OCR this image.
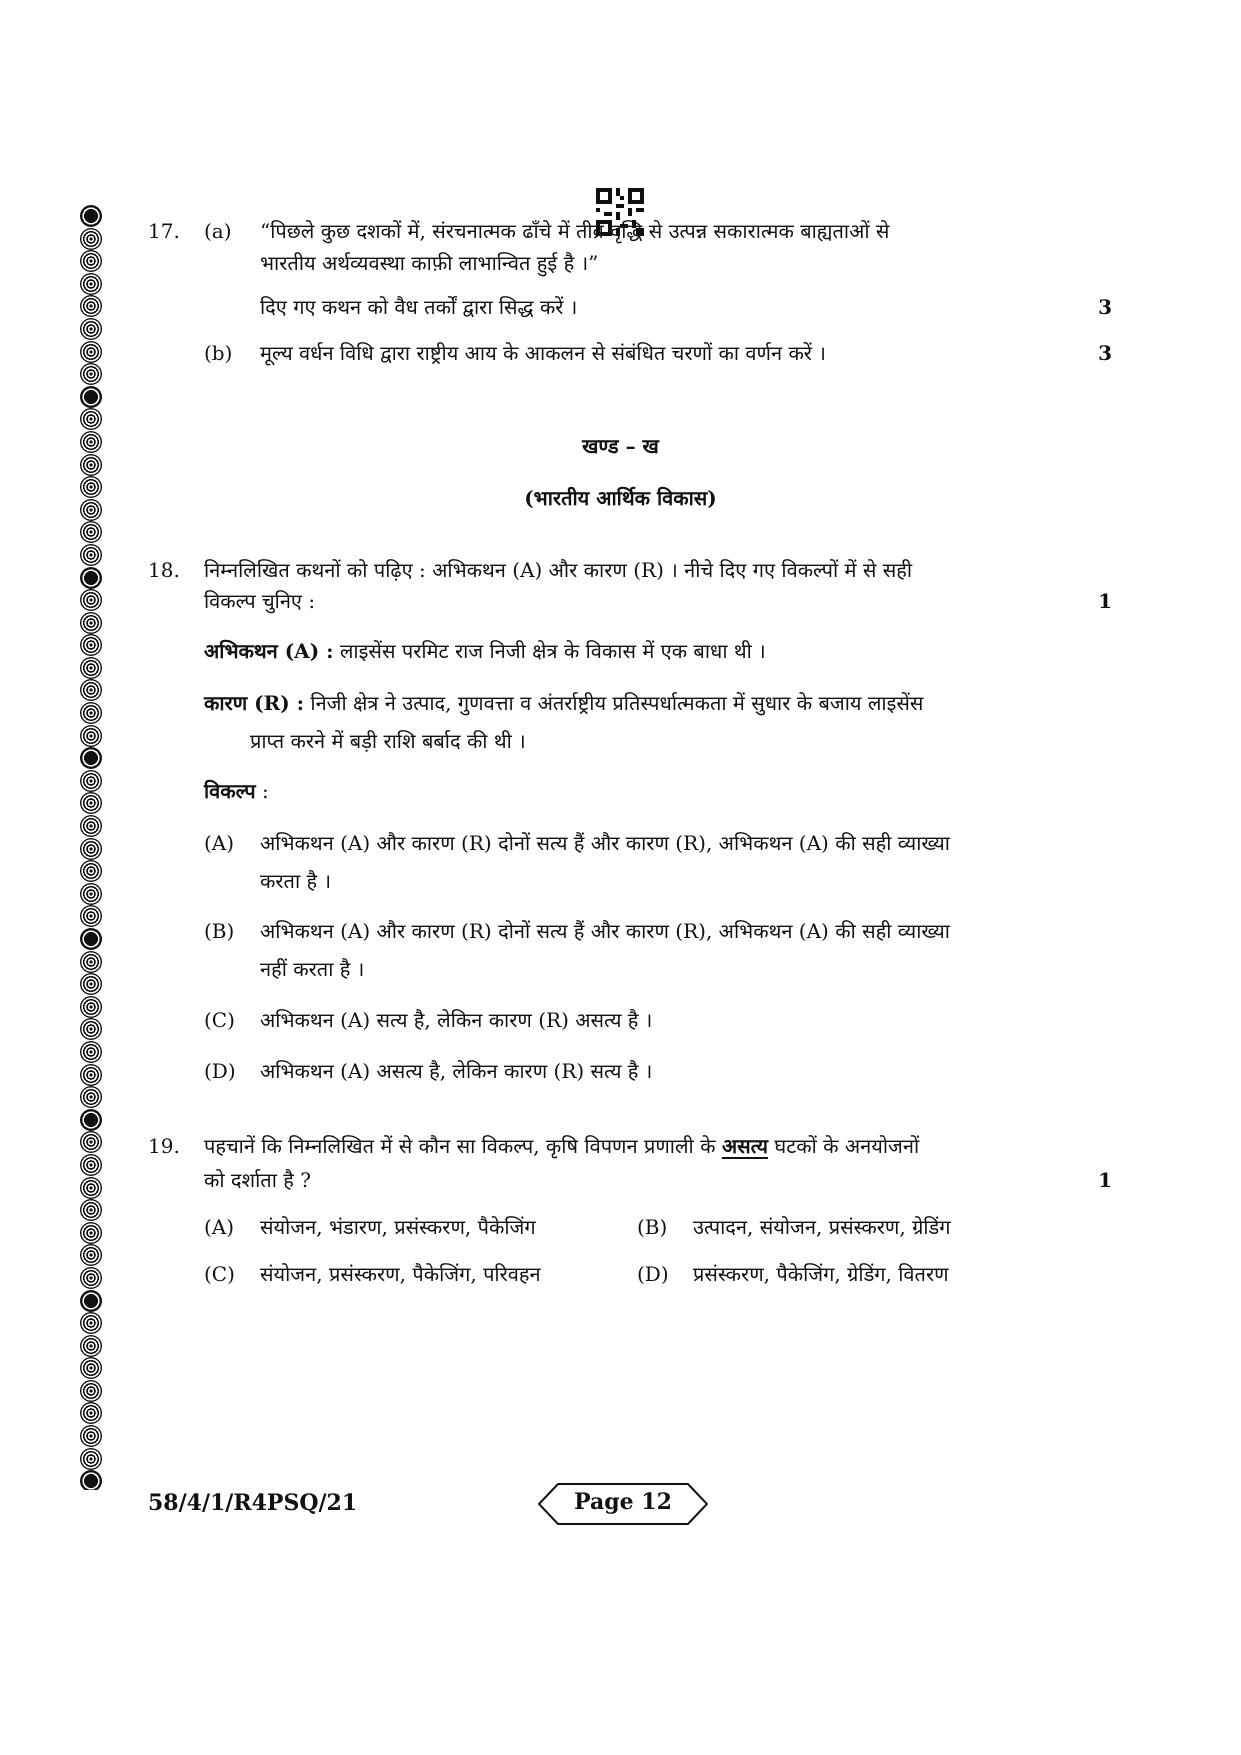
17. (a) “पिछले कुछ दशकों में, संरचनात्मक ढाँचे में तीव्र वृद्धि से उत्पन्न सकारात्मक बाह्यताओं से
भारतीय अर्थव्यवस्था काफ़ी लाभान्वित हुई है ।”
दिए गए कथन को वैध तर्कों द्वारा सिद्ध करें ।	3
(b) मूल्य वर्धन विधि द्वारा राष्ट्रीय आय के आकलन से संबंधित चरणों का वर्णन करें ।	3
खण्ड – ख
(भारतीय आर्थिक विकास)
18. निम्नलिखित कथनों को पढ़िए : अभिकथन (A) और कारण (R) । नीचे दिए गए विकल्पों में से सही
विकल्प चुनिए :	1
अभिकथन (A) : लाइसेंस परमिट राज निजी क्षेत्र के विकास में एक बाधा थी ।
कारण (R) : निजी क्षेत्र ने उत्पाद, गुणवत्ता व अंतर्राष्ट्रीय प्रतिस्पर्धात्मकता में सुधार के बजाय लाइसेंस
प्राप्त करने में बड़ी राशि बर्बाद की थी ।
विकल्प :
(A) अभिकथन (A) और कारण (R) दोनों सत्य हैं और कारण (R), अभिकथन (A) की सही व्याख्या
करता है ।
(B) अभिकथन (A) और कारण (R) दोनों सत्य हैं और कारण (R), अभिकथन (A) की सही व्याख्या
नहीं करता है ।
(C) अभिकथन (A) सत्य है, लेकिन कारण (R) असत्य है ।
(D) अभिकथन (A) असत्य है, लेकिन कारण (R) सत्य है ।
19. पहचानें कि निम्नलिखित में से कौन सा विकल्प, कृषि विपणन प्रणाली के असत्य घटकों के अनयोजनों
को दर्शाता है ?	1
(A) संयोजन, भंडारण, प्रसंस्करण, पैकेजिंग	(B) उत्पादन, संयोजन, प्रसंस्करण, ग्रेडिंग
(C) संयोजन, प्रसंस्करण, पैकेजिंग, परिवहन	(D) प्रसंस्करण, पैकेजिंग, ग्रेडिंग, वितरण
58/4/1/R4PSQ/21	Page 12
